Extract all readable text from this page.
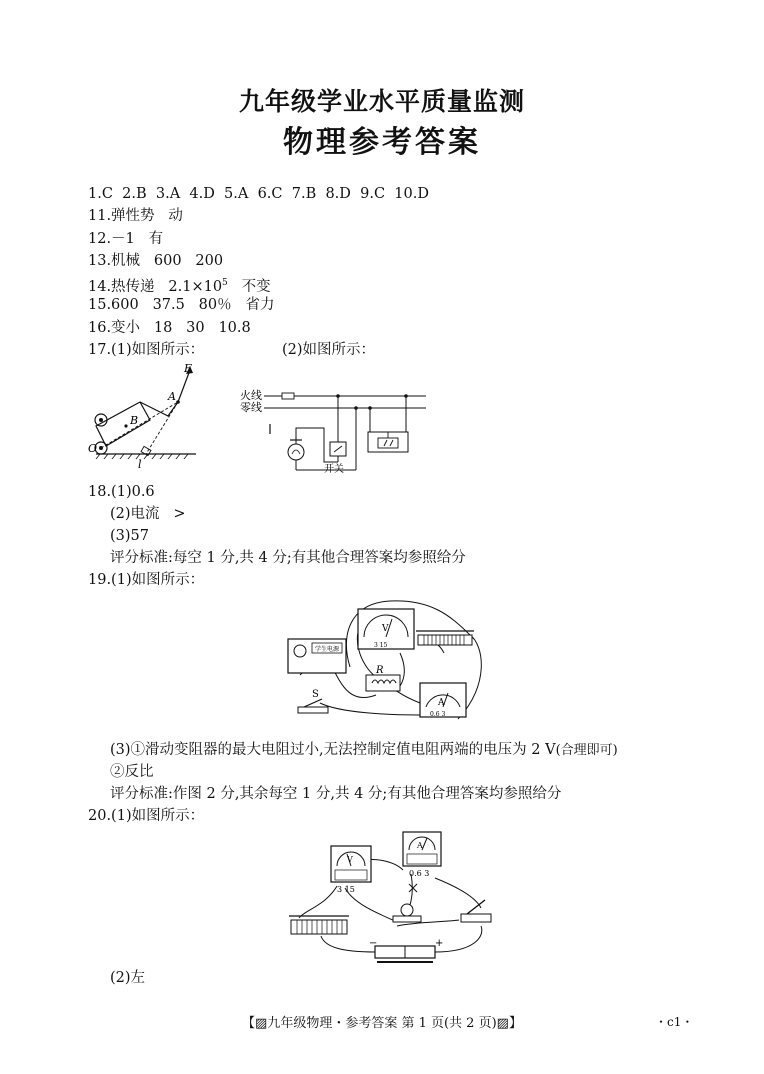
九年级学业水平质量监测
物理参考答案
1.C  2.B  3.A  4.D  5.A  6.C  7.B  8.D  9.C  10.D
11.弹性势   动
12.－1   有
13.机械   600   200
14.热传递   $2.1\times 10^5$   不变
15.600   37.5   80％   省力
16.变小   18   30   10.8
17.(1)如图所示：	(2)如图所示：
F
A
B
O
l
火线
零线
开关
18.(1)0.6
(2)电流   >
(3)57
评分标准:每空 1 分,共 4 分;有其他合理答案均参照给分
19.(1)如图所示：
学生电源
V
3 15
R
A
0.6 3
S
(3)①滑动变阻器的最大电阻过小,无法控制定值电阻两端的电压为 2 V(合理即可)
②反比
评分标准:作图 2 分,其余每空 1 分,共 4 分;有其他合理答案均参照给分
20.(1)如图所示：
V
3 15
A
0.6 3
−	+
(2)左
【▨九年级物理・参考答案 第 1 页(共 2 页)▨】	・c1・
